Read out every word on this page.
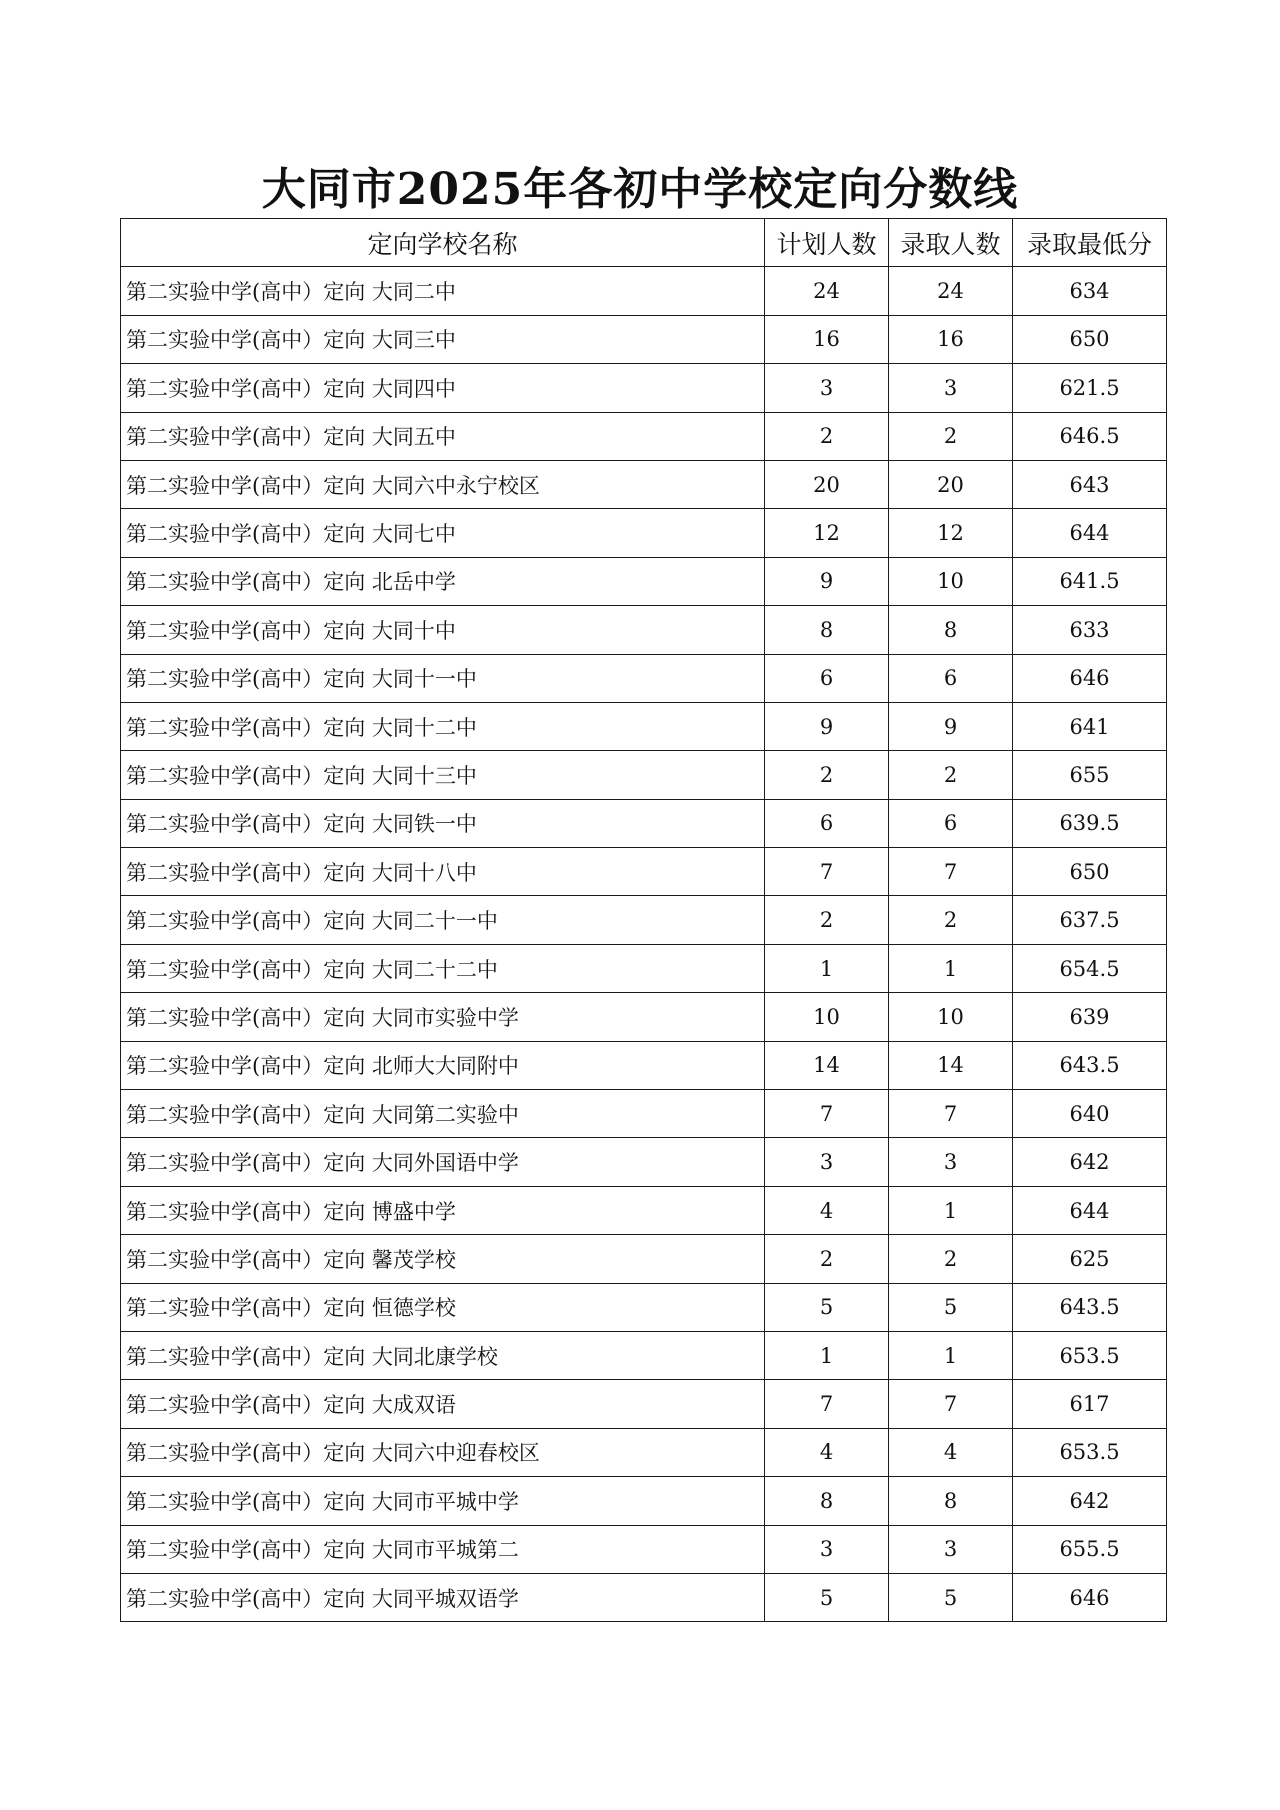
大同市2025年各初中学校定向分数线
定向学校名称	计划人数	录取人数	录取最低分
第二实验中学(高中）定向 大同二中	24	24	634
第二实验中学(高中）定向 大同三中	16	16	650
第二实验中学(高中）定向 大同四中	3	3	621.5
第二实验中学(高中）定向 大同五中	2	2	646.5
第二实验中学(高中）定向 大同六中永宁校区	20	20	643
第二实验中学(高中）定向 大同七中	12	12	644
第二实验中学(高中）定向 北岳中学	9	10	641.5
第二实验中学(高中）定向 大同十中	8	8	633
第二实验中学(高中）定向 大同十一中	6	6	646
第二实验中学(高中）定向 大同十二中	9	9	641
第二实验中学(高中）定向 大同十三中	2	2	655
第二实验中学(高中）定向 大同铁一中	6	6	639.5
第二实验中学(高中）定向 大同十八中	7	7	650
第二实验中学(高中）定向 大同二十一中	2	2	637.5
第二实验中学(高中）定向 大同二十二中	1	1	654.5
第二实验中学(高中）定向 大同市实验中学	10	10	639
第二实验中学(高中）定向 北师大大同附中	14	14	643.5
第二实验中学(高中）定向 大同第二实验中	7	7	640
第二实验中学(高中）定向 大同外国语中学	3	3	642
第二实验中学(高中）定向 博盛中学	4	1	644
第二实验中学(高中）定向 馨茂学校	2	2	625
第二实验中学(高中）定向 恒德学校	5	5	643.5
第二实验中学(高中）定向 大同北康学校	1	1	653.5
第二实验中学(高中）定向 大成双语	7	7	617
第二实验中学(高中）定向 大同六中迎春校区	4	4	653.5
第二实验中学(高中）定向 大同市平城中学	8	8	642
第二实验中学(高中）定向 大同市平城第二	3	3	655.5
第二实验中学(高中）定向 大同平城双语学	5	5	646
